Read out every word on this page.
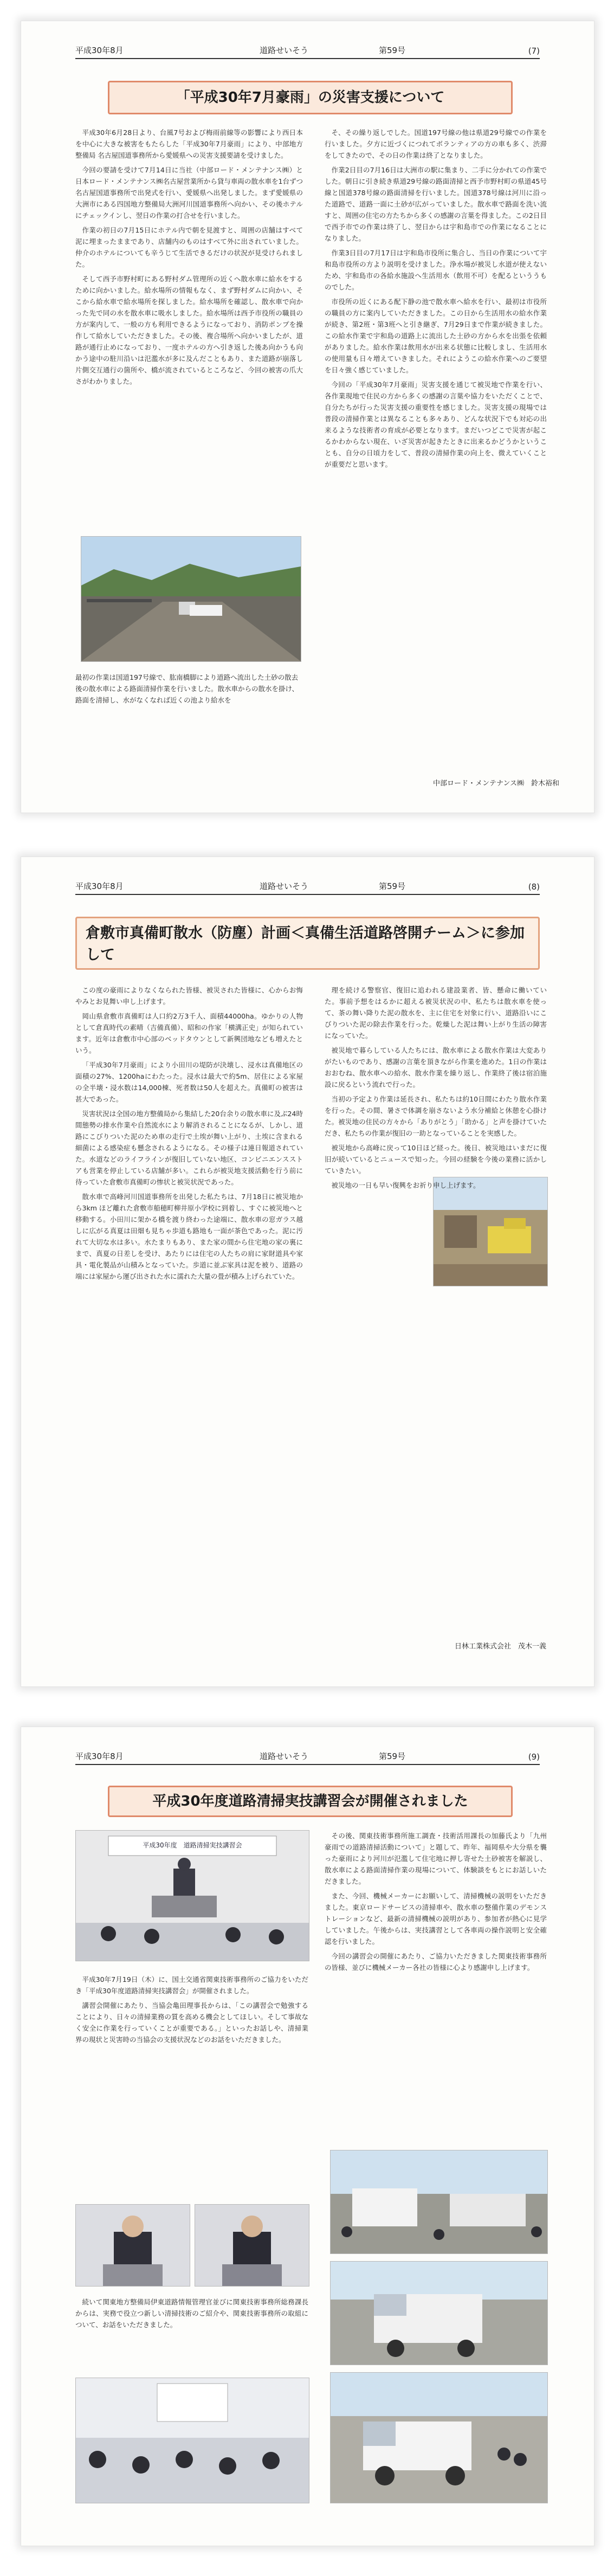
平成30年8月	道路せいそう	第59号	(7)
「平成30年7月豪雨」の災害支援について

平成30年6月28日より、台風7号および梅雨前線等の影響により西日本を中心に大きな被害をもたらした「平成30年7月豪雨」により、中部地方整備局 名古屋国道事務所から愛媛県への災害支援要請を受けました。

今回の要請を受けて7月14日に当社（中部ロード・メンテナンス㈱）と日本ロード・メンテナンス㈱名古屋営業所から貸与車両の散水車を1台ずつ名古屋国道事務所で出発式を行い、愛媛県へ出発しました。まず愛媛県の大洲市にある四国地方整備局大洲河川国道事務所へ向かい、その後ホテルにチェックインし、翌日の作業の打合せを行いました。

作業の初日の7月15日にホテル内で朝を見渡すと、周囲の店舗はすべて泥に埋まったままであり、店舗内のものはすべて外に出されていました。仲介のホテルについても辛うじて生活できるだけの状況が見受けられました。

そして西予市野村町にある野村ダム管理所の近くへ散水車に給水をするために向かいました。給水場所の情報もなく、まず野村ダムに向かい、そこから給水車で給水場所を探しました。給水場所を確認し、散水車で向かった先で同の水を散水車に吸水しました。給水場所は西予市役所の職員の方が案内して、一般の方も利用できるようになっており、消防ポンプを操作して給水していただきました。その後、複合場所へ向かいましたが、道路が通行止めになっており、一度ホテルの方へ引き返した後あ向かうも向かう途中の駐川沿いは氾濫水が多に及んだこともあり、また道路が崩落し片側交互通行の箇所や、橋が流されているところなど、今回の被害の爪大さがわかりました。

最初の作業は国道197号線で、肱南橋脚により道路へ流出した土砂の散去後の散水車による路面清掃作業を行いました。散水車からの散水を掛け、路面を清掃し、水がなくなれば近くの池より給水を

そ、その繰り返しでした。国道197号線の他は県道29号線での作業を行いました。夕方に近づくにつれてボランティアの方の車も多く、渋滞をしてきたので、その日の作業は終了となりました。

作業2日目の7月16日は大洲市の駅に集まり、二手に分かれての作業でした。朝日に引き続き県道29号線の路面清掃と西予市野村町の県道45号線と国道378号線の路面清掃を行いました。国道378号線は河川に沿った道路で、道路一面に土砂が広がっていました。散水車で路面を洗い流すと、周囲の住宅の方たちから多くの感謝の言葉を得ました。この2日目で西予市での作業は終了し、翌日からは宇和島市での作業になることになりました。

作業3日目の7月17日は宇和島市役所に集合し、当日の作業について宇和島市役所の方より説明を受けました。浄水場が被災し水道が使えないため、宇和島市の各給水施設へ生活用水（飲用不可）を配るといううものでした。

市役所の近くにある配下静の池で散水車へ給水を行い、最初は市役所の職員の方に案内していただきました。この日から生活用水の給水作業が続き、第2班・第3班へと引き継ぎ、7月29日まで作業が続きました。この給水作業で宇和島の道路上に流出した土砂の方から水を出張を依頼がありました。給水作業は飲用水が出来る状態に比較しまし、生活用水の使用量も日々増えていきました。それにようこの給水作業へのご要望を日々強く感じていました。

今回の「平成30年7月豪雨」災害支援を通じて被災地で作業を行い、各作業現地で住民の方から多くの感謝の言葉や協力をいただくことで、自分たちが行った災害支援の重要性を感じました。災害支援の現場では普段の清掃作業とは異なることも多々あり、どんな状況下でも対応の出来るような技術者の育成が必要となります。まだいつどこで災害が起こるかわからない現在、いざ災害が起きたときに出来るかどうかということも、自分の日頃力をして、普段の清掃作業の向上を、微えていくことが重要だと思います。

中部ロード・メンテナンス㈱　鈴木裕和
平成30年8月	道路せいそう	第59号	(8)
倉敷市真備町散水（防塵）計画＜真備生活道路啓開チーム＞に参加して

この度の豪雨によりなくなられた皆様、被災された皆様に、心からお悔やみとお見舞い申し上げます。

岡山県倉敷市真備町は人口約2万3千人、面積44000ha。ゆかりの人物として倉真時代の素晴（吉備真備）、昭和の作家「横溝正史」が知られています。近年は倉敷市中心部のベッドタウンとして新興団地なども増えたという。

「平成30年7月豪雨」により小田川の堤防が決壊し、浸水は真備地区の面積の27%、1200haにわたった。浸水は最大で約5m、居住による家屋の全半壊・浸水数は14,000棟、死者数は50人を超えた。真備町の被害は甚大であった。

災害状況は全国の地方整備局から集結した20台余りの散水車に及ぶ24時間態勢の排水作業や自然流水により解消されることになるが、しかし、道路にこびりついた泥のため車の走行で土埃が舞い上がり、土埃に含まれる細菌による感染症も懸念されるようになる。その様子は連日報道されていた。水道などのライフラインが復旧していない地区、コンビニエンスストアも営業を停止している店舗が多い。これらが被災地支援活動を行う前に待っていた倉敷市真備町の惨状と被災状況であった。

散水車で高峰河川国道事務所を出発した私たちは、7月18日に被災地から3km ほど離れた倉敷市船穂町柳井原小学校に到着し、すぐに被災地へと移動する。小田川に架かる橋を渡り終わった途端に、散水車の窓ガラス越しに広がる真夏は田畑も見ちゃ歩道も路地も一面が茶色であった。泥に汚れて大切な水は多い。水たまりもあり、また家の間から住宅地の家の裏にまで、真夏の日差しを受け、あたりには住宅の人たちの肩に家財道具や家具・電化製品が山積みとなっていた。歩道に並ぶ家具は泥を被り、道路の端には家屋から運び出された水に濡れた大量の畳が積み上げられていた。

理を続ける警察官、復旧に追われる建設業者、皆、懸命に働いていた。事前予想をはるかに超える被災状況の中、私たちは散水車を使って、茶の舞い降りた泥の散水を、主に住宅を対象に行い、道路沿いにこびりついた泥の除去作業を行った。乾燥した泥は舞い上がり生活の障害になっていた。

被災地で暮らしている人たちには、散水車による散水作業は大変ありがたいものであり、感謝の言葉を頂きながら作業を進めた。1日の作業はおおむね、散水車への給水、散水作業を繰り返し、作業終了後は宿泊施設に戻るという流れで行った。

当初の予定より作業は延長され、私たちは約10日間にわたり散水作業を行った。その間、暑さで体調を崩さないよう水分補給と休憩を心掛けた。被災地の住民の方々から「ありがとう」「助かる」と声を掛けていただき、私たちの作業が復旧の一助となっていることを実感した。

被災地から高峰に戻って10日ほど経った。後日、被災地はいまだに復旧が続いているとニュースで知った。今回の経験を今後の業務に活かしていきたい。

被災地の一日も早い復興をお祈り申し上げます。

日林工業株式会社　茂木一義
平成30年8月	道路せいそう	第59号	(9)
平成30年度道路清掃実技講習会が開催されました
平成30年度　道路清掃実技講習会

平成30年7月19日（木）に、国土交通省関東技術事務所のご協力をいただき「平成30年度道路清掃実技講習会」が開催されました。

講習会開催にあたり、当協会亀田理事長からは、「この講習会で勉強することにより、日々の清掃業務の質を高める機会としてほしい。そして事故なく安全に作業を行っていくことが重要である。」といったお話しや、清掃業界の現状と災害時の当協会の支援状況などのお話をいただきました。

続いて関東地方整備局伊東道路情報管理官並びに関東技術事務所総務課長からは、実務で役立つ新しい清掃技術のご紹介や、関東技術事務所の取組について、お話をいただきました。

その後、関東技術事務所施工調査・技術活用課長の加藤氏より「九州豪雨での道路清掃活動について」と題して、昨年、福岡県や大分県を襲った豪雨により河川が氾濫して住宅地に押し寄せた土砂被害を解説し、散水車による路面清掃作業の現場について、体験談をもとにお話しいただきました。

また、今回、機械メーカーにお願いして、清掃機械の説明をいただきました。東京ロードサービスの清掃車や、散水車の整備作業のデモンストレーションなど、最新の清掃機械の説明があり、参加者が熱心に見学していました。午後からは、実技講習として各車両の操作説明と安全確認を行いました。

今回の講習会の開催にあたり、ご協力いただきました関東技術事務所の皆様、並びに機械メーカー各社の皆様に心より感謝申し上げます。
